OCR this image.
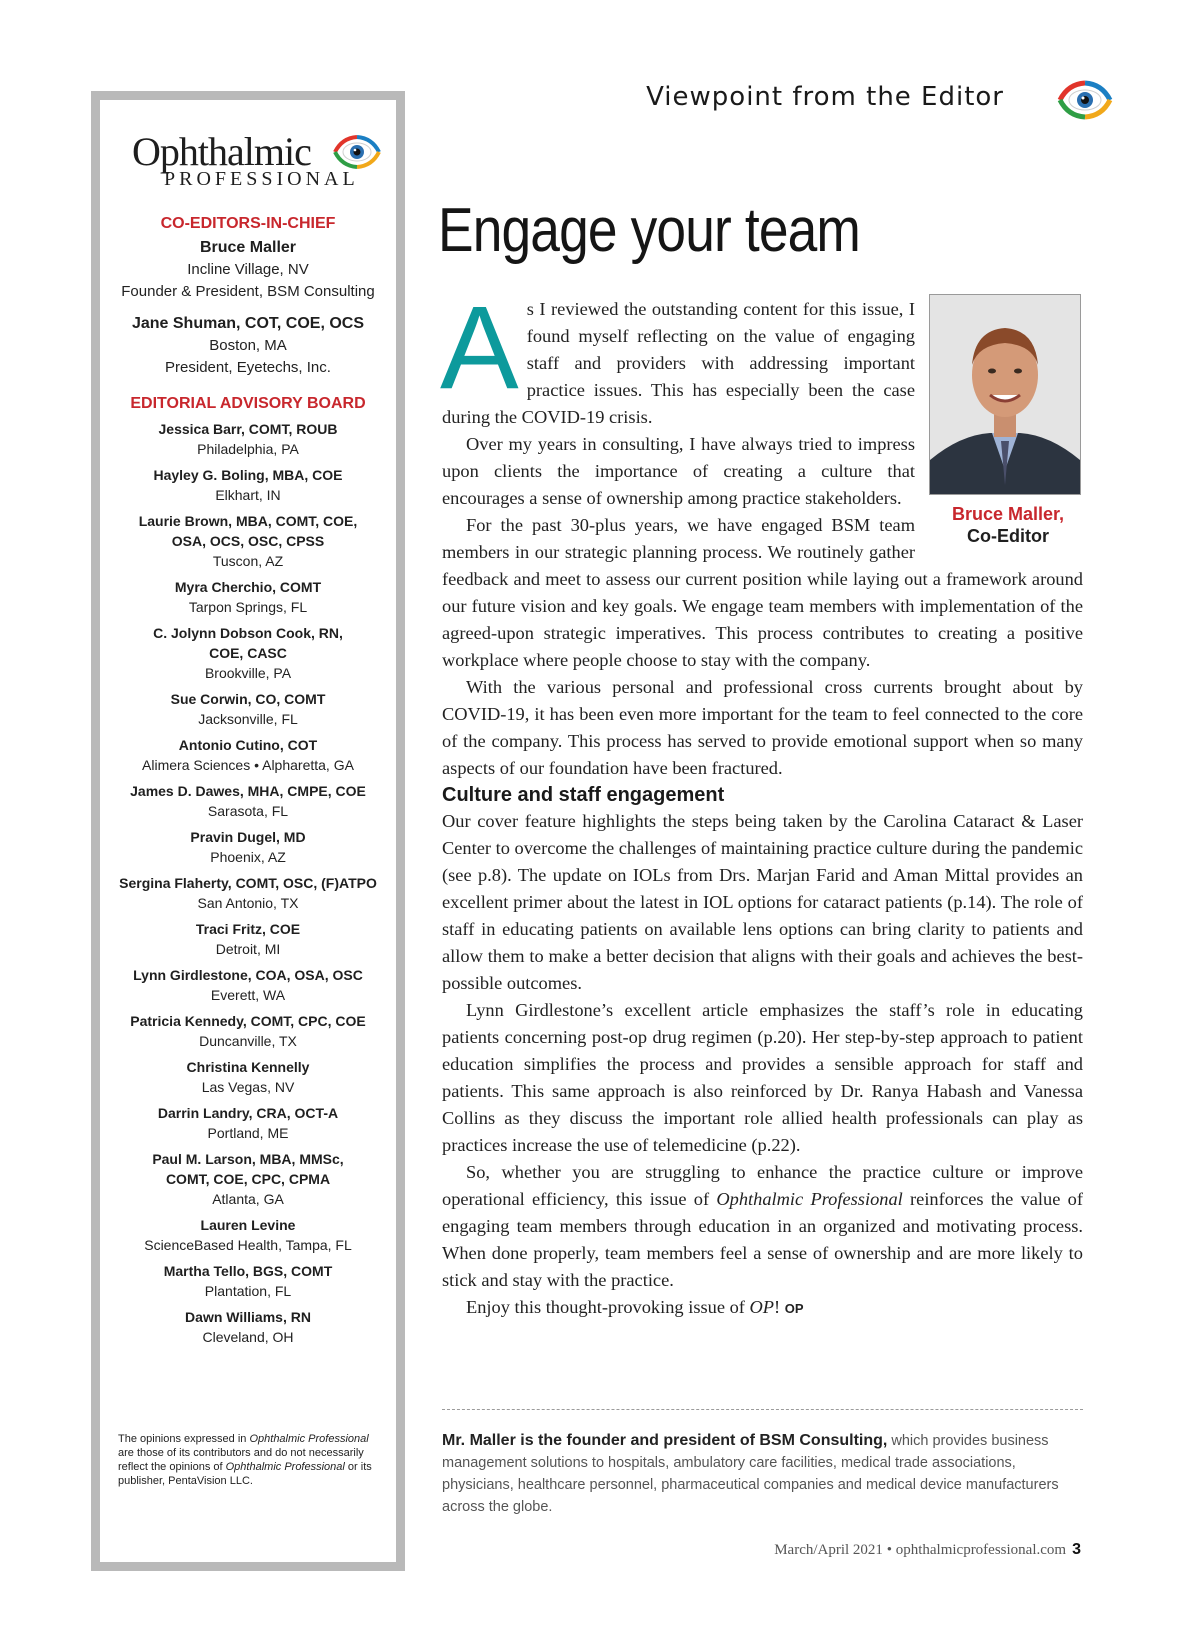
Ophthalmic
PROFESSIONAL
CO-EDITORS-IN-CHIEF
Bruce Maller
Incline Village, NV
Founder & President, BSM Consulting
Jane Shuman, COT, COE, OCS
Boston, MA
President, Eyetechs, Inc.
EDITORIAL ADVISORY BOARD
Jessica Barr, COMT, ROUB
Philadelphia, PA
Hayley G. Boling, MBA, COE
Elkhart, IN
Laurie Brown, MBA, COMT, COE,
OSA, OCS, OSC, CPSS
Tuscon, AZ
Myra Cherchio, COMT
Tarpon Springs, FL
C. Jolynn Dobson Cook, RN,
COE, CASC
Brookville, PA
Sue Corwin, CO, COMT
Jacksonville, FL
Antonio Cutino, COT
Alimera Sciences • Alpharetta, GA
James D. Dawes, MHA, CMPE, COE
Sarasota, FL
Pravin Dugel, MD
Phoenix, AZ
Sergina Flaherty, COMT, OSC, (F)ATPO
San Antonio, TX
Traci Fritz, COE
Detroit, MI
Lynn Girdlestone, COA, OSA, OSC
Everett, WA
Patricia Kennedy, COMT, CPC, COE
Duncanville, TX
Christina Kennelly
Las Vegas, NV
Darrin Landry, CRA, OCT-A
Portland, ME
Paul M. Larson, MBA, MMSc,
COMT, COE, CPC, CPMA
Atlanta, GA
Lauren Levine
ScienceBased Health, Tampa, FL
Martha Tello, BGS, COMT
Plantation, FL
Dawn Williams, RN
Cleveland, OH
The opinions expressed in Ophthalmic Professional are those of its contributors and do not necessarily reflect the opinions of Ophthalmic Professional or its publisher, PentaVision LLC.
Viewpoint from the Editor
Engage your team
Bruce Maller,
Co-Editor

As I reviewed the outstanding content for this issue, I found myself reflecting on the value of engaging staff and providers with addressing important practice issues. This has especially been the case during the COVID-19 crisis.

Over my years in consulting, I have always tried to impress upon clients the importance of creating a culture that encourages a sense of ownership among practice stakeholders.

For the past 30-plus years, we have engaged BSM team members in our strategic planning process. We routinely gather feedback and meet to assess our current position while laying out a framework around our future vision and key goals. We engage team members with implementation of the agreed-upon strategic imperatives. This process contributes to creating a positive workplace where people choose to stay with the company.

With the various personal and professional cross currents brought about by COVID-19, it has been even more important for the team to feel connected to the core of the company. This process has served to provide emotional support when so many aspects of our foundation have been fractured.

Culture and staff engagement

Our cover feature highlights the steps being taken by the Carolina Cataract & Laser Center to overcome the challenges of maintaining practice culture during the pandemic (see p.8). The update on IOLs from Drs. Marjan Farid and Aman Mittal provides an excellent primer about the latest in IOL options for cataract patients (p.14). The role of staff in educating patients on available lens options can bring clarity to patients and allow them to make a better decision that aligns with their goals and achieves the best-possible outcomes.

Lynn Girdlestone’s excellent article emphasizes the staff’s role in educating patients concerning post-op drug regimen (p.20). Her step-by-step approach to patient education simplifies the process and provides a sensible approach for staff and patients. This same approach is also reinforced by Dr. Ranya Habash and Vanessa Collins as they discuss the important role allied health professionals can play as practices increase the use of telemedicine (p.22).

So, whether you are struggling to enhance the practice culture or improve operational efficiency, this issue of Ophthalmic Professional reinforces the value of engaging team members through education in an organized and motivating process. When done properly, team members feel a sense of ownership and are more likely to stick and stay with the practice.

Enjoy this thought-provoking issue of OP! OP

Mr. Maller is the founder and president of BSM Consulting, which provides business management solutions to hospitals, ambulatory care facilities, medical trade associations, physicians, healthcare personnel, pharmaceutical companies and medical device manufacturers across the globe.
March/April 2021 • ophthalmicprofessional.com 3
